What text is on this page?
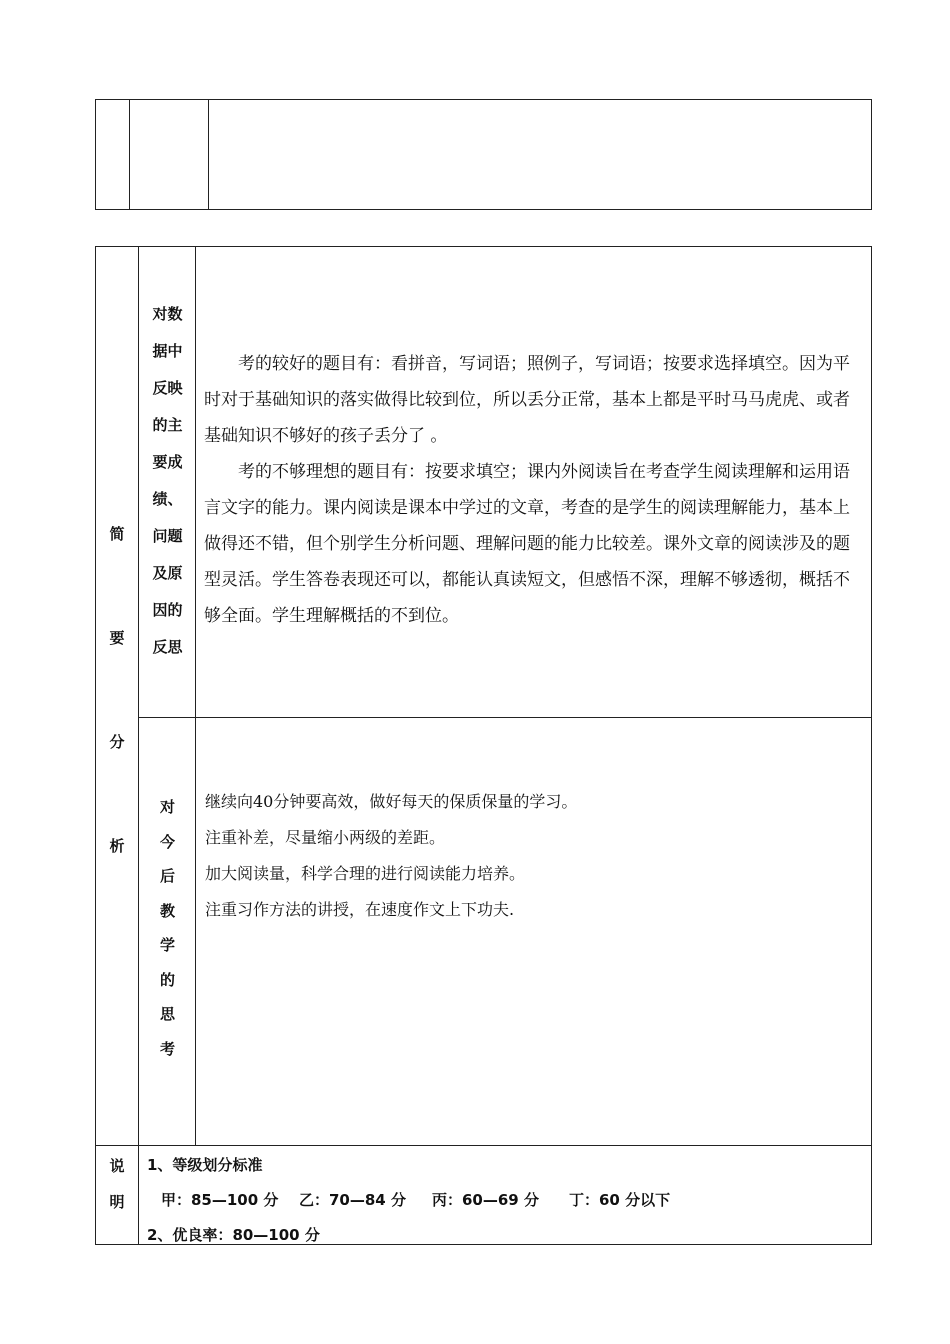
简
要
分
析
对数
据中
反映
的主
要成
绩、
问题
及原
因的
反思

考的较好的题目有：看拼音，写词语；照例子，写词语；按要求选择填空。因为平时对于基础知识的落实做得比较到位，所以丢分正常，基本上都是平时马马虎虎、或者基础知识不够好的孩子丢分了 。

考的不够理想的题目有：按要求填空；课内外阅读旨在考查学生阅读理解和运用语言文字的能力。课内阅读是课本中学过的文章，考查的是学生的阅读理解能力，基本上做得还不错，但个别学生分析问题、理解问题的能力比较差。课外文章的阅读涉及的题型灵活。学生答卷表现还可以，都能认真读短文，但感悟不深，理解不够透彻，概括不够全面。学生理解概括的不到位。

对
今
后
教
学
的
思
考
继续向40分钟要高效，做好每天的保质保量的学习。
注重补差，尽量缩小两级的差距。
加大阅读量，科学合理的进行阅读能力培养。
注重习作方法的讲授，在速度作文上下功夫.
说
明
1、等级划分标准
甲：85—100 分 乙：70—84 分 丙：60—69 分 丁：60 分以下
2、优良率：80—100 分
